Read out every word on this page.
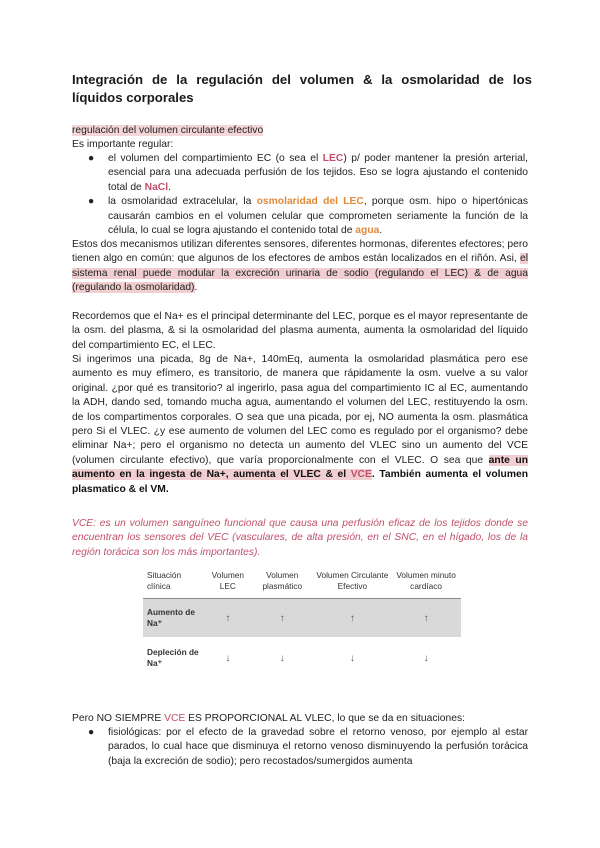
Integración de la regulación del volumen & la osmolaridad de los líquidos corporales

regulación del volumen circulante efectivo

Es importante regular:

● el volumen del compartimiento EC (o sea el LEC) p/ poder mantener la presión arterial, esencial para una adecuada perfusión de los tejidos. Eso se logra ajustando el contenido total de NaCl.
● la osmolaridad extracelular, la osmolaridad del LEC, porque osm. hipo o hipertónicas causarán cambios en el volumen celular que comprometen seriamente la función de la célula, lo cual se logra ajustando el contenido total de agua.

Estos dos mecanismos utilizan diferentes sensores, diferentes hormonas, diferentes efectores; pero tienen algo en común: que algunos de los efectores de ambos están localizados en el riñón. Asi, el sistema renal puede modular la excreción urinaria de sodio (regulando el LEC) & de agua (regulando la osmolaridad).

Recordemos que el Na+ es el principal determinante del LEC, porque es el mayor representante de la osm. del plasma, & si la osmolaridad del plasma aumenta, aumenta la osmolaridad del líquido del compartimiento EC, el LEC.

Si ingerimos una picada, 8g de Na+, 140mEq, aumenta la osmolaridad plasmática pero ese aumento es muy efímero, es transitorio, de manera que rápidamente la osm. vuelve a su valor original. ¿por qué es transitorio? al ingerirlo, pasa agua del compartimiento IC al EC, aumentando la ADH, dando sed, tomando mucha agua, aumentando el volumen del LEC, restituyendo la osm. de los compartimentos corporales. O sea que una picada, por ej, NO aumenta la osm. plasmática pero Si el VLEC. ¿y ese aumento de volumen del LEC como es regulado por el organismo? debe eliminar Na+; pero el organismo no detecta un aumento del VLEC sino un aumento del VCE (volumen circulante efectivo), que varía proporcionalmente con el VLEC. O sea que ante un aumento en la ingesta de Na+, aumenta el VLEC & el VCE. También aumenta el volumen plasmatico & el VM.

VCE: es un volumen sanguíneo funcional que causa una perfusión eficaz de los tejidos donde se encuentran los sensores del VEC (vasculares, de alta presión, en el SNC, en el hígado, los de la región torácica son los más importantes).

Situación clínica	Volumen LEC	Volumen plasmático	Volumen Circulante Efectivo	Volumen minuto cardíaco
Aumento de Na⁺	↑	↑	↑	↑
Depleción de Na⁺	↓	↓	↓	↓

Pero NO SIEMPRE VCE ES PROPORCIONAL AL VLEC, lo que se da en situaciones:

● fisiológicas: por el efecto de la gravedad sobre el retorno venoso, por ejemplo al estar parados, lo cual hace que disminuya el retorno venoso disminuyendo la perfusión torácica (baja la excreción de sodio); pero recostados/sumergidos aumenta
